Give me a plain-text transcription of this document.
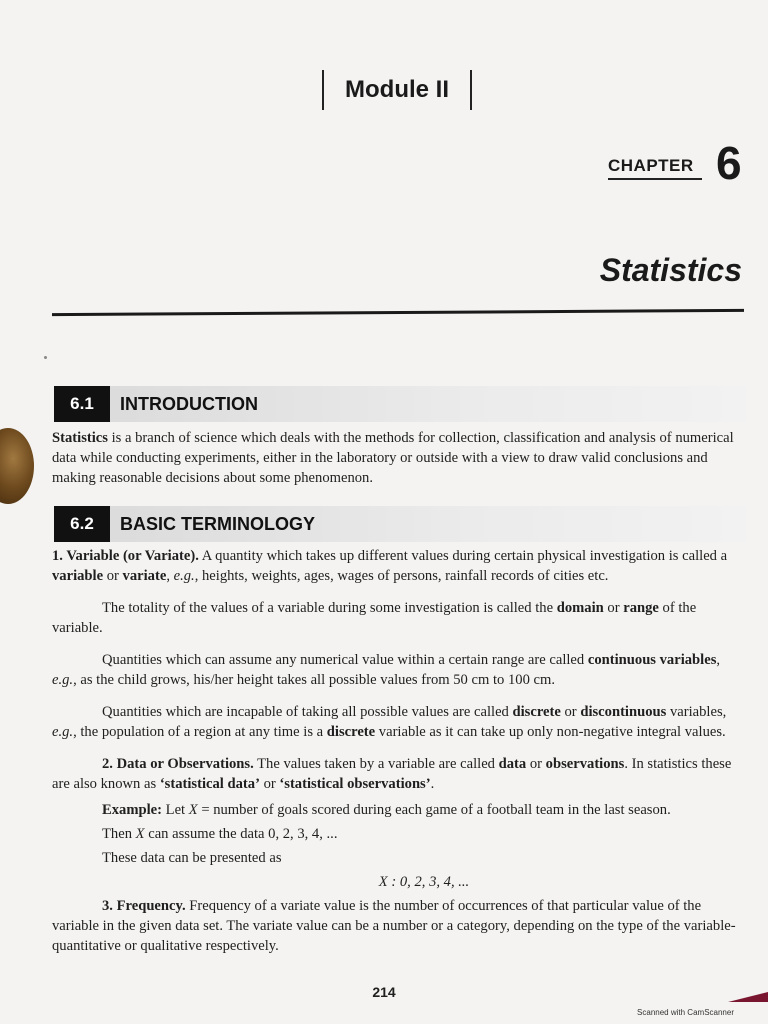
Module II
CHAPTER 6
Statistics
6.1	INTRODUCTION

Statistics is a branch of science which deals with the methods for collection, classification and analysis of numerical data while conducting experiments, either in the laboratory or outside with a view to draw valid conclusions and making reasonable decisions about some phenomenon.

6.2	BASIC TERMINOLOGY

1. Variable (or Variate). A quantity which takes up different values during certain physical investigation is called a variable or variate, e.g., heights, weights, ages, wages of persons, rainfall records of cities etc.

The totality of the values of a variable during some investigation is called the domain or range of the variable.

Quantities which can assume any numerical value within a certain range are called continuous variables, e.g., as the child grows, his/her height takes all possible values from 50 cm to 100 cm.

Quantities which are incapable of taking all possible values are called discrete or discontinuous variables, e.g., the population of a region at any time is a discrete variable as it can take up only non-negative integral values.

2. Data or Observations. The values taken by a variable are called data or observations. In statistics these are also known as ‘statistical data’ or ‘statistical observations’.

Example: Let X = number of goals scored during each game of a football team in the last season.

Then X can assume the data 0, 2, 3, 4, ...

These data can be presented as

X : 0, 2, 3, 4, ...

3. Frequency. Frequency of a variate value is the number of occurrences of that particular value of the variable in the given data set. The variate value can be a number or a category, depending on the type of the variable-quantitative or qualitative respectively.

214
Scanned with CamScanner
